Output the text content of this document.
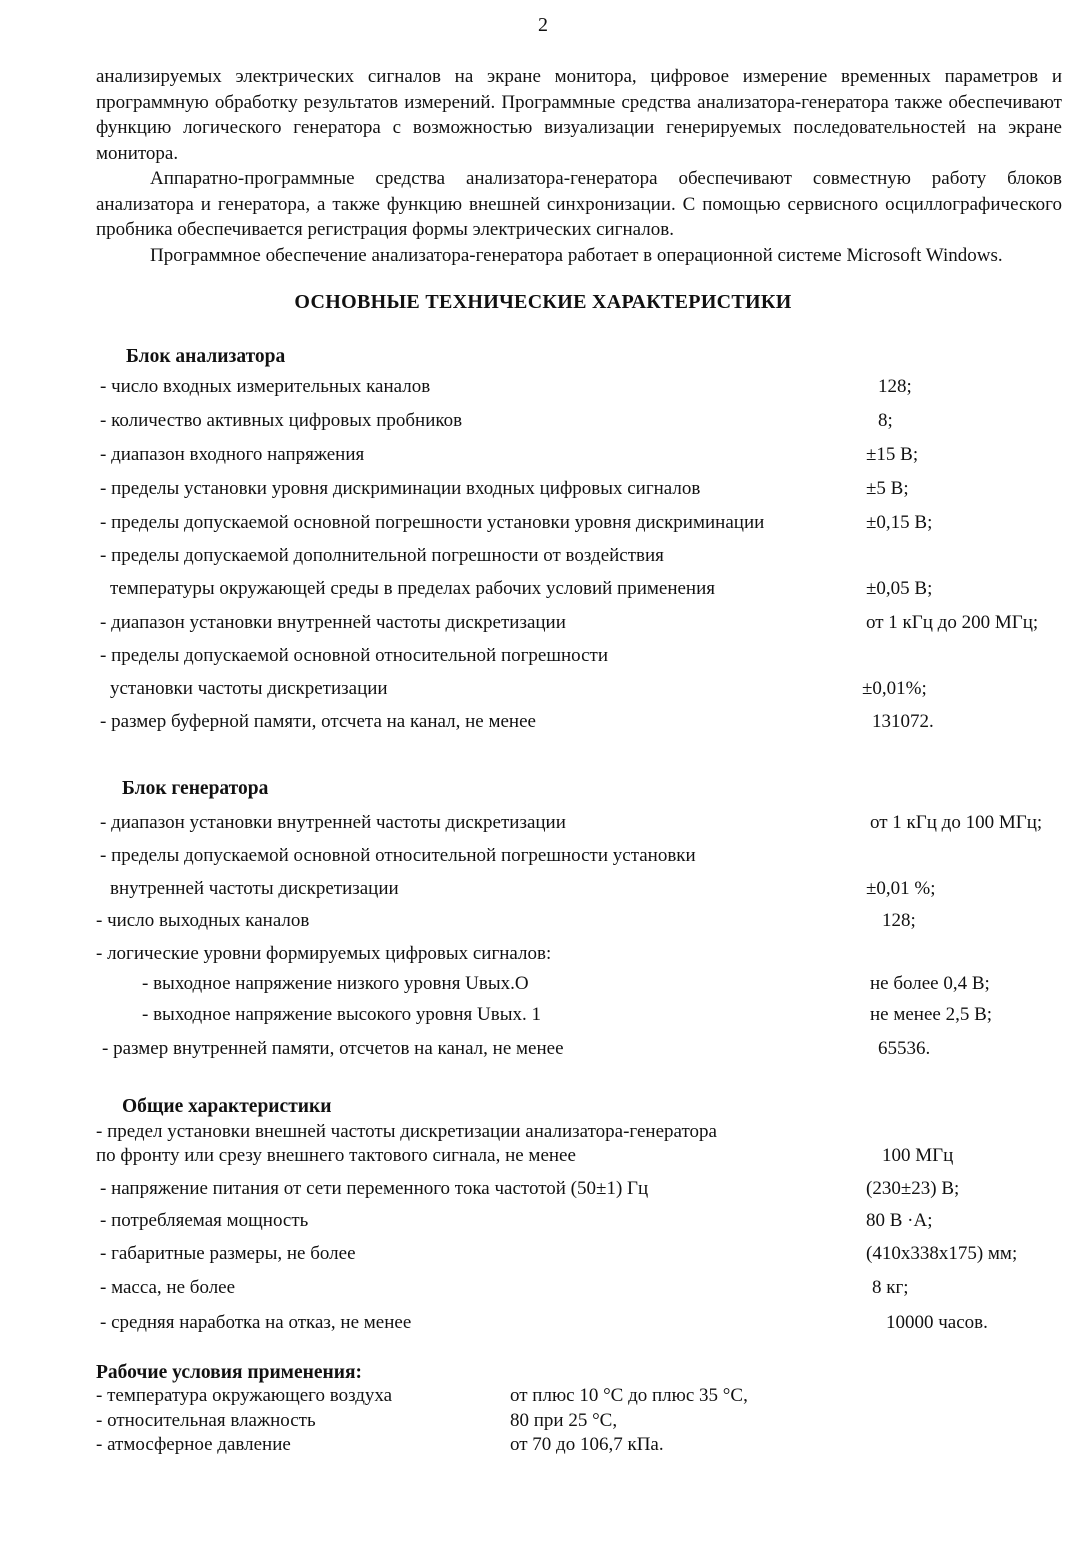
2

анализируемых электрических сигналов на экране монитора, цифровое измерение временных параметров и программную обработку результатов измерений. Программные средства анализатора-генератора также обеспечивают функцию логического генератора с возможностью визуализации генерируемых последовательностей на экране монитора.

Аппаратно-программные средства анализатора-генератора обеспечивают совместную работу блоков анализатора и генератора, а также функцию внешней синхронизации. С помощью сервисного осциллографического пробника обеспечивается регистрация формы электрических сигналов.

Программное обеспечение анализатора-генератора работает в операционной системе Microsoft Windows.

ОСНОВНЫЕ ТЕХНИЧЕСКИЕ ХАРАКТЕРИСТИКИ
Блок анализатора
- число входных измерительных каналов	128;
- количество активных цифровых пробников	8;
- диапазон входного напряжения	±15 В;
- пределы установки уровня дискриминации входных цифровых сигналов	±5 В;
- пределы допускаемой основной погрешности установки уровня дискриминации	±0,15 В;
- пределы допускаемой дополнительной погрешности от воздействия
температуры окружающей среды в пределах рабочих условий применения	±0,05 В;
- диапазон установки внутренней частоты дискретизации	от 1 кГц до 200 МГц;
- пределы допускаемой основной относительной погрешности
установки частоты дискретизации	±0,01%;
- размер буферной памяти, отсчета на канал, не менее	131072.
Блок генератора
- диапазон установки внутренней частоты дискретизации	от 1 кГц до 100 МГц;
- пределы допускаемой основной относительной погрешности установки
внутренней частоты дискретизации	±0,01 %;
- число выходных каналов	128;
- логические уровни формируемых цифровых сигналов:
- выходное напряжение низкого уровня Uвых.О	не более 0,4 В;
- выходное напряжение высокого уровня Uвых. 1	не менее 2,5 В;
- размер внутренней памяти, отсчетов на канал, не менее	65536.
Общие характеристики
- предел установки внешней частоты дискретизации анализатора-генератора
по фронту или срезу внешнего тактового сигнала, не менее	100 МГц
- напряжение питания от сети переменного тока частотой (50±1) Гц	(230±23) В;
- потребляемая мощность	80 В ·А;
- габаритные размеры, не более	(410x338x175) мм;
- масса, не более	8 кг;
- средняя наработка на отказ, не менее	10000 часов.
Рабочие условия применения:
- температура окружающего воздуха	от плюс 10 °С до плюс 35 °С,
- относительная влажность	80 при 25 °С,
- атмосферное давление	от 70 до 106,7 кПа.
